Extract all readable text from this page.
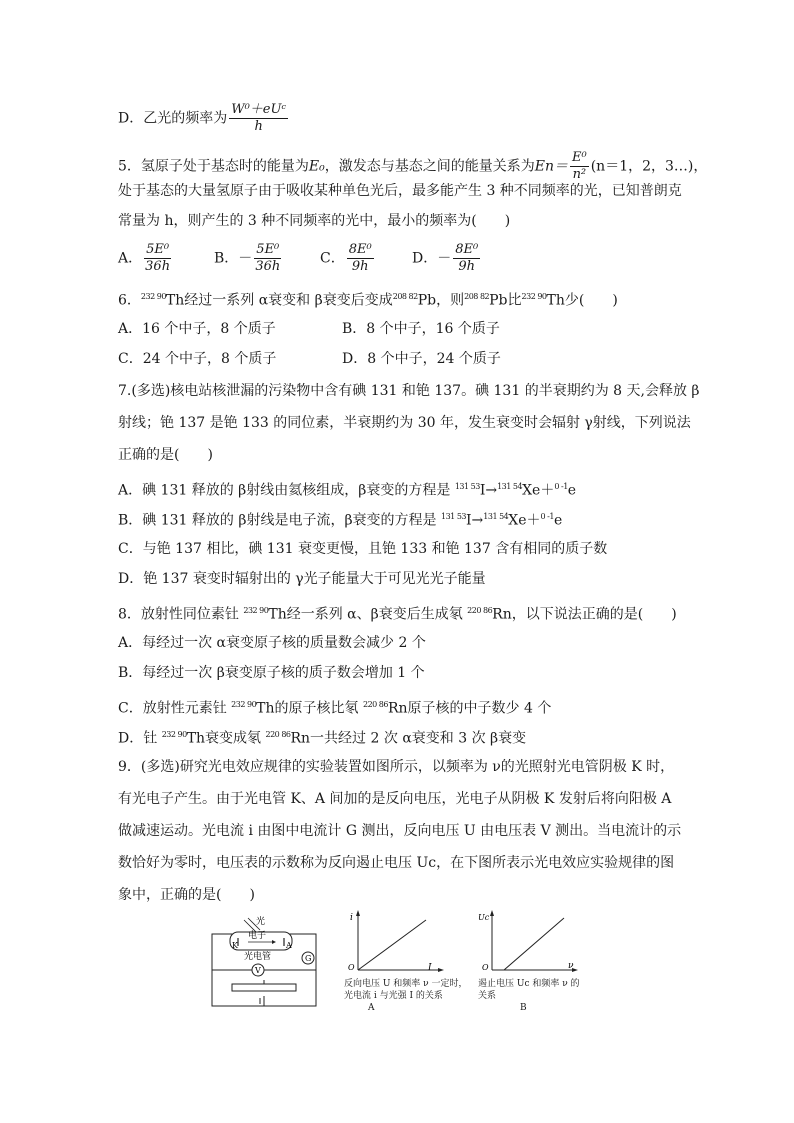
D．乙光的频率为 $\frac{\text{W⁰＋eUᶜ}}{h}$
5．氢原子处于基态时的能量为E₀，激发态与基态之间的能量关系为$En= \frac{\text{E⁰}}{\text{n²}} (n=1$，2，3…)，
处于基态的大量氢原子由于吸收某种单色光后，最多能产生 3 种不同频率的光，已知普朗克
常量为 h，则产生的 3 种不同频率的光中，最小的频率为(　　)
A． $\frac{\text{5E⁰}}{36h}$	B．－ $\frac{\text{5E⁰}}{36h}$	C． $\frac{\text{8E⁰}}{9h}$	D．－ $\frac{\text{8E⁰}}{9h}$
6．$^{232 90}$Th经过一系列 α衰变和 β衰变后变成$^{208 82}$Pb，则$^{208 82}$Pb比$^{232 90}$Th少(　　)
A．16 个中子，8 个质子	B．8 个中子，16 个质子
C．24 个中子，8 个质子	D．8 个中子，24 个质子
7.(多选)核电站核泄漏的污染物中含有碘 131 和铯 137。碘 131 的半衰期约为 8 天,会释放 β
射线；铯 137 是铯 133 的同位素，半衰期约为 30 年，发生衰变时会辐射 γ射线，下列说法
正确的是(　　)
A．碘 131 释放的 β射线由氦核组成，β衰变的方程是 $^{131 53}$I→$^{131 54}$Xe＋$^{0 -1}$e
B．碘 131 释放的 β射线是电子流，β衰变的方程是 $^{131 53}$I→$^{131 54}$Xe＋$^{0 -1}$e
C．与铯 137 相比，碘 131 衰变更慢，且铯 133 和铯 137 含有相同的质子数
D．铯 137 衰变时辐射出的 γ光子能量大于可见光光子能量
8．放射性同位素钍 $^{232 90}$Th经一系列 α、β衰变后生成氡 $^{220 86}$Rn，以下说法正确的是(　　)
A．每经过一次 α衰变原子核的质量数会减少 2 个
B．每经过一次 β衰变原子核的质子数会增加 1 个
C．放射性元素钍 $^{232 90}$Th的原子核比氡 $^{220 86}$Rn原子核的中子数少 4 个
D．钍 $^{232 90}$Th衰变成氡 $^{220 86}$Rn一共经过 2 次 α衰变和 3 次 β衰变
9．(多选)研究光电效应规律的实验装置如图所示，以频率为 ν的光照射光电管阴极 K 时，
有光电子产生。由于光电管 K、A 间加的是反向电压，光电子从阴极 K 发射后将向阳极 A
做减速运动。光电流 i 由图中电流计 G 测出，反向电压 U 由电压表 V 测出。当电流计的示
数恰好为零时，电压表的示数称为反向遏止电压 Uc，在下图所表示光电效应实验规律的图
象中，正确的是(　　)
光
电子
光电管
K	A
G
V
i
I
O
反向电压 U 和频率 ν 一定时，
光电流 i 与光强 I 的关系
A
Uc
ν
O
遏止电压 Uc 和频率 ν 的
关系
B
